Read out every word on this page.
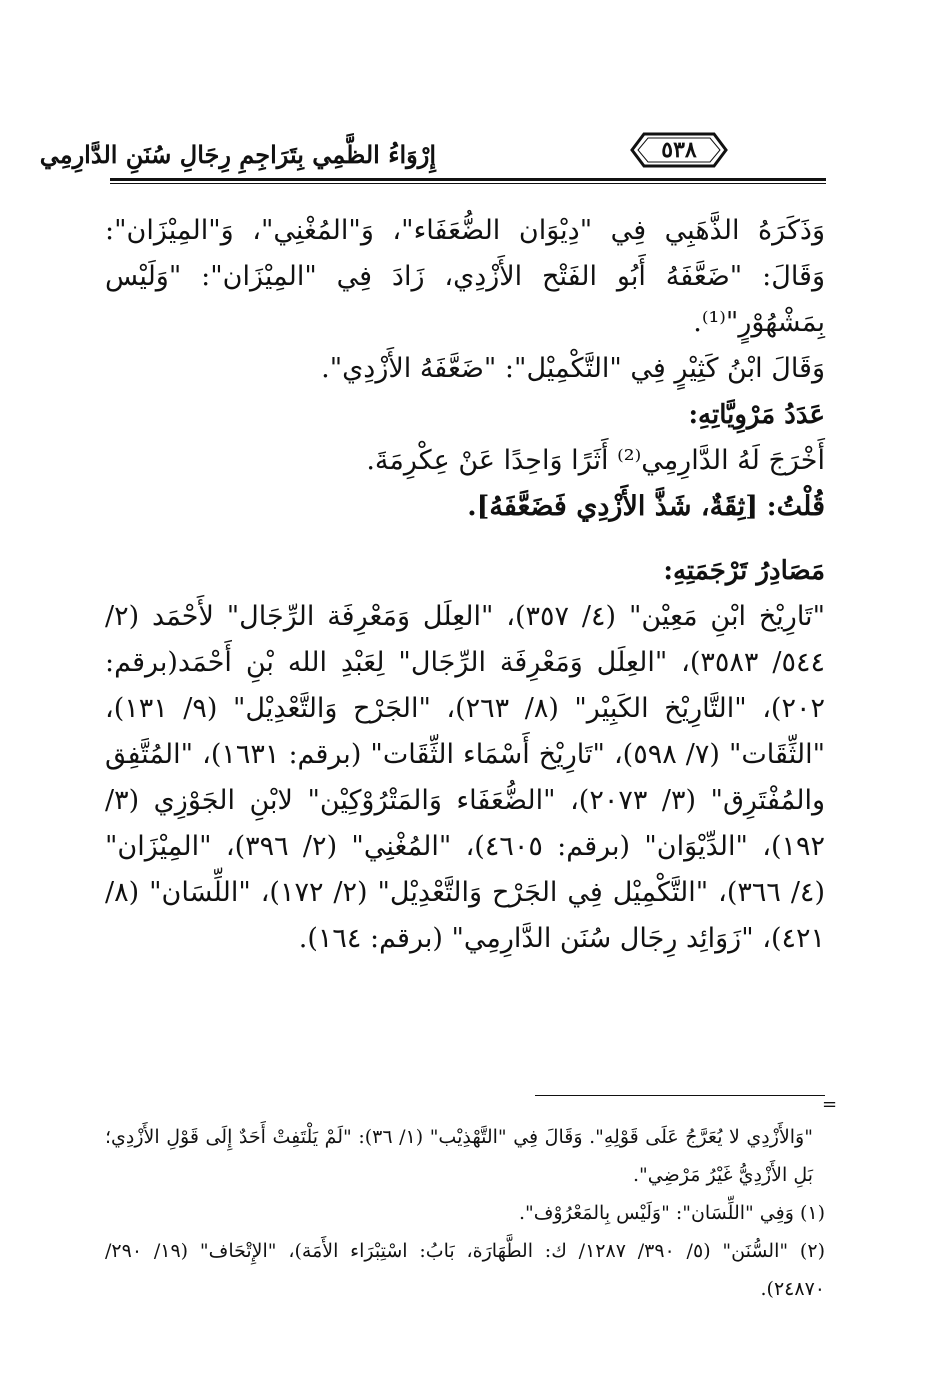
إِرْوَاءُ الظَّمِي بِتَرَاجِمِ رِجَالِ سُنَنِ الدَّارِمِي	٥٣٨

وَذَكَرَهُ الذَّهَبِي فِي "دِيْوَان الضُّعَفَاء"، وَ"المُغْنِي"، وَ"المِيْزَان": وَقَالَ: "ضَعَّفَهُ أَبُو الفَتْح الأَزْدِي، زَادَ فِي "المِيْزَان": "وَلَيْس بِمَشْهُوْرٍ"⁽¹⁾.

وَقَالَ ابْنُ كَثِيْرٍ فِي "التَّكْمِيْل": "ضَعَّفَهُ الأَزْدِي".

عَدَدُ مَرْوِيَّاتِهِ:

أَخْرَجَ لَهُ الدَّارِمِي⁽²⁾ أَثَرًا وَاحِدًا عَنْ عِكْرِمَةَ.

قُلْتُ: [ثِقَةٌ، شَذَّ الأَزْدِي فَضَعَّفَهُ].

مَصَادِرُ تَرْجَمَتِهِ:

"تَارِيْخ ابْنِ مَعِيْن" (٤/ ٣٥٧)، "العِلَل وَمَعْرِفَة الرِّجَال" لأَحْمَد (٢/ ٥٤٤/ ٣٥٨٣)، "العِلَل وَمَعْرِفَة الرِّجَال" لِعَبْدِ الله بْنِ أَحْمَد(برقم: ٢٠٢)، "التَّارِيْخ الكَبِيْر" (٨/ ٢٦٣)، "الجَرْح وَالتَّعْدِيْل" (٩/ ١٣١)، "الثِّقَات" (٧/ ٥٩٨)، "تَارِيْخ أَسْمَاء الثِّقَات" (برقم: ١٦٣١)، "المُتَّفِق والمُفْتَرِق" (٣/ ٢٠٧٣)، "الضُّعَفَاء وَالمَتْرُوْكِيْن" لابْنِ الجَوْزِي (٣/ ١٩٢)، "الدِّيْوَان" (برقم: ٤٦٠٥)، "المُغْنِي" (٢/ ٣٩٦)، "المِيْزَان" (٤/ ٣٦٦)، "التَّكْمِيْل فِي الجَرْح وَالتَّعْدِيْل" (٢/ ١٧٢)، "اللِّسَان" (٨/ ٤٢١)، "زَوَائِد رِجَال سُنَن الدَّارِمِي" (برقم: ١٦٤).

=

"وَالأَزْدِي لا يُعَرَّجُ عَلَى قَوْلِهِ". وَقَالَ فِي "التَّهْذِيْب" (١/ ٣٦): "لَمْ يَلْتَفِتْ أَحَدٌ إِلَى قَوْلِ الأَزْدِي؛ بَلِ الأَزْدِيُّ غَيْرُ مَرْضِي".

(١) وَفِي "اللِّسَان": "وَلَيْس بِالمَعْرُوْف".

(٢) "السُّنَن" (٥/ ٣٩٠/ ١٢٨٧/ ك: الطَّهَارَة، بَابُ: اسْتِبْرَاء الأَمَة)، "الإِتْحَاف" (١٩/ ٢٩٠/ ٢٤٨٧٠).
